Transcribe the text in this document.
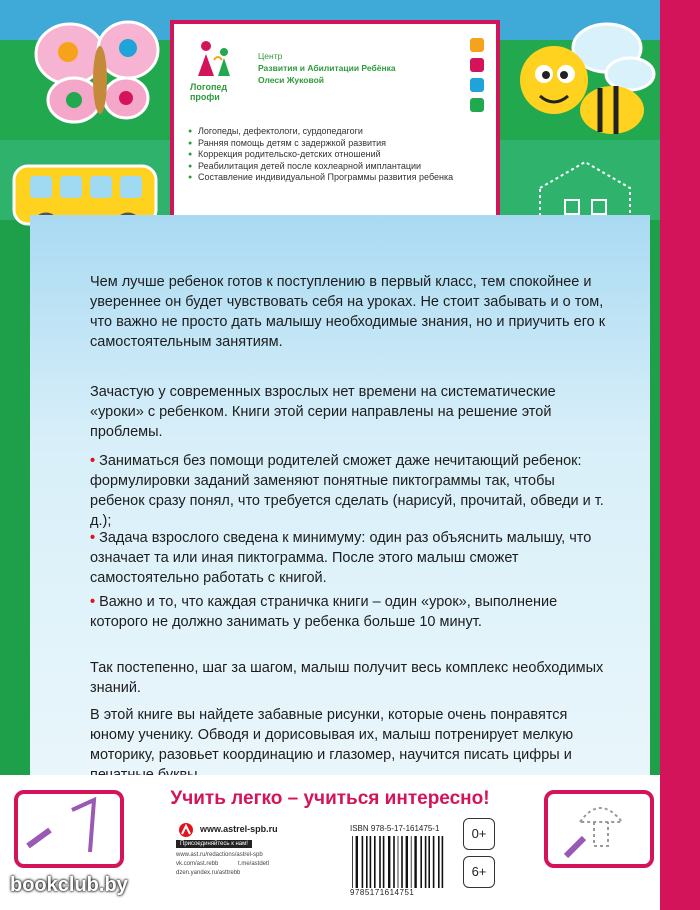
Логопед
профи
Центр
Развития и Абилитации Ребёнка
Олеси Жуковой
● Логопеды, дефектологи, сурдопедагоги
● Ранняя помощь детям с задержкой развития
● Коррекция родительско-детских отношений
● Реабилитация детей после кохлеарной имплантации
● Составление индивидуальной Программы развития ребенка

Чем лучше ребенок готов к поступлению в первый класс, тем спокойнее и увереннее он будет чувствовать себя на уроках. Не стоит забывать и о том, что важно не просто дать малышу необходимые знания, но и приучить его к самостоятельным занятиям.

Зачастую у современных взрослых нет времени на систематические «уроки» с ребенком. Книги этой серии направлены на решение этой проблемы.

• Заниматься без помощи родителей сможет даже нечитающий ребенок: формулировки заданий заменяют понятные пиктограммы так, чтобы ребенок сразу понял, что требуется сделать (нарисуй, прочитай, обведи и т. д.);

• Задача взрослого сведена к минимуму: один раз объяснить малышу, что означает та или иная пиктограмма. После этого малыш сможет самостоятельно работать с книгой.

• Важно и то, что каждая страничка книги – один «урок», выполнение которого не должно занимать у ребенка больше 10 минут.

Так постепенно, шаг за шагом, малыш получит весь комплекс необходимых знаний.

В этой книге вы найдете забавные рисунки, которые очень понравятся юному ученику. Обводя и дорисовывая их, малыш потренирует мелкую моторику, разовьет координацию и глазомер, научится писать цифры и

Учить легко – учиться интересно!
www.astrel-spb.ru
Присоединяйтесь к нам!
www.ast.ru/redactions/astrel-spb
vk.com/ast.rebb	t.me/astdetl
dzen.yandex.ru/asttrebb
ISBN 978-5-17-161475-1
9785171614751
0+
6+
bookclub.by
